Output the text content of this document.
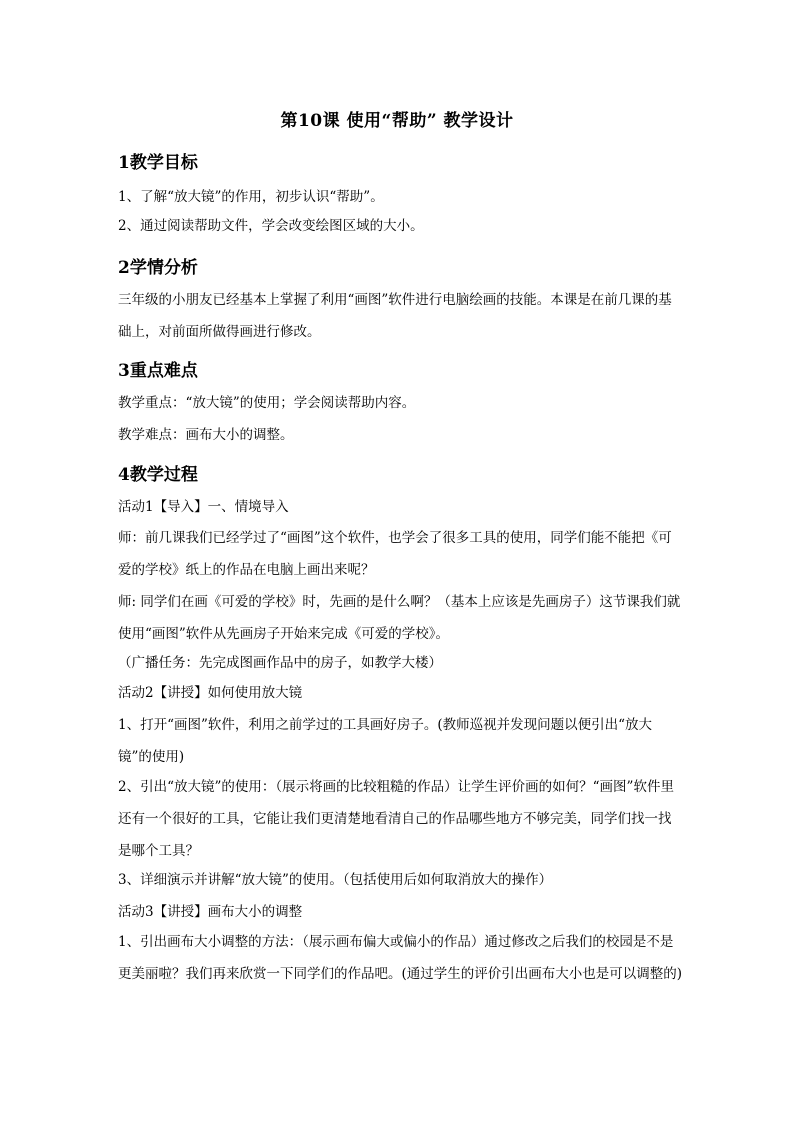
第10课 使用“帮助” 教学设计
1教学目标
1、了解“放大镜”的作用，初步认识“帮助”。
2、通过阅读帮助文件，学会改变绘图区域的大小。
2学情分析
三年级的小朋友已经基本上掌握了利用“画图”软件进行电脑绘画的技能。本课是在前几课的基础上，对前面所做得画进行修改。
3重点难点
教学重点：“放大镜”的使用；学会阅读帮助内容。
教学难点：画布大小的调整。
4教学过程
活动1【导入】一、情境导入
师：前几课我们已经学过了“画图”这个软件，也学会了很多工具的使用，同学们能不能把《可爱的学校》纸上的作品在电脑上画出来呢？
师: 同学们在画《可爱的学校》时，先画的是什么啊？（基本上应该是先画房子）这节课我们就使用“画图”软件从先画房子开始来完成《可爱的学校》。
（广播任务：先完成图画作品中的房子，如教学大楼）
活动2【讲授】如何使用放大镜
1、打开“画图”软件，利用之前学过的工具画好房子。(教师巡视并发现问题以便引出“放大镜”的使用)
2、引出“放大镜”的使用：（展示将画的比较粗糙的作品）让学生评价画的如何？“画图”软件里还有一个很好的工具，它能让我们更清楚地看清自己的作品哪些地方不够完美，同学们找一找是哪个工具？
3、详细演示并讲解“放大镜”的使用。（包括使用后如何取消放大的操作）
活动3【讲授】画布大小的调整
1、引出画布大小调整的方法：（展示画布偏大或偏小的作品）通过修改之后我们的校园是不是更美丽啦？我们再来欣赏一下同学们的作品吧。(通过学生的评价引出画布大小也是可以调整的)
